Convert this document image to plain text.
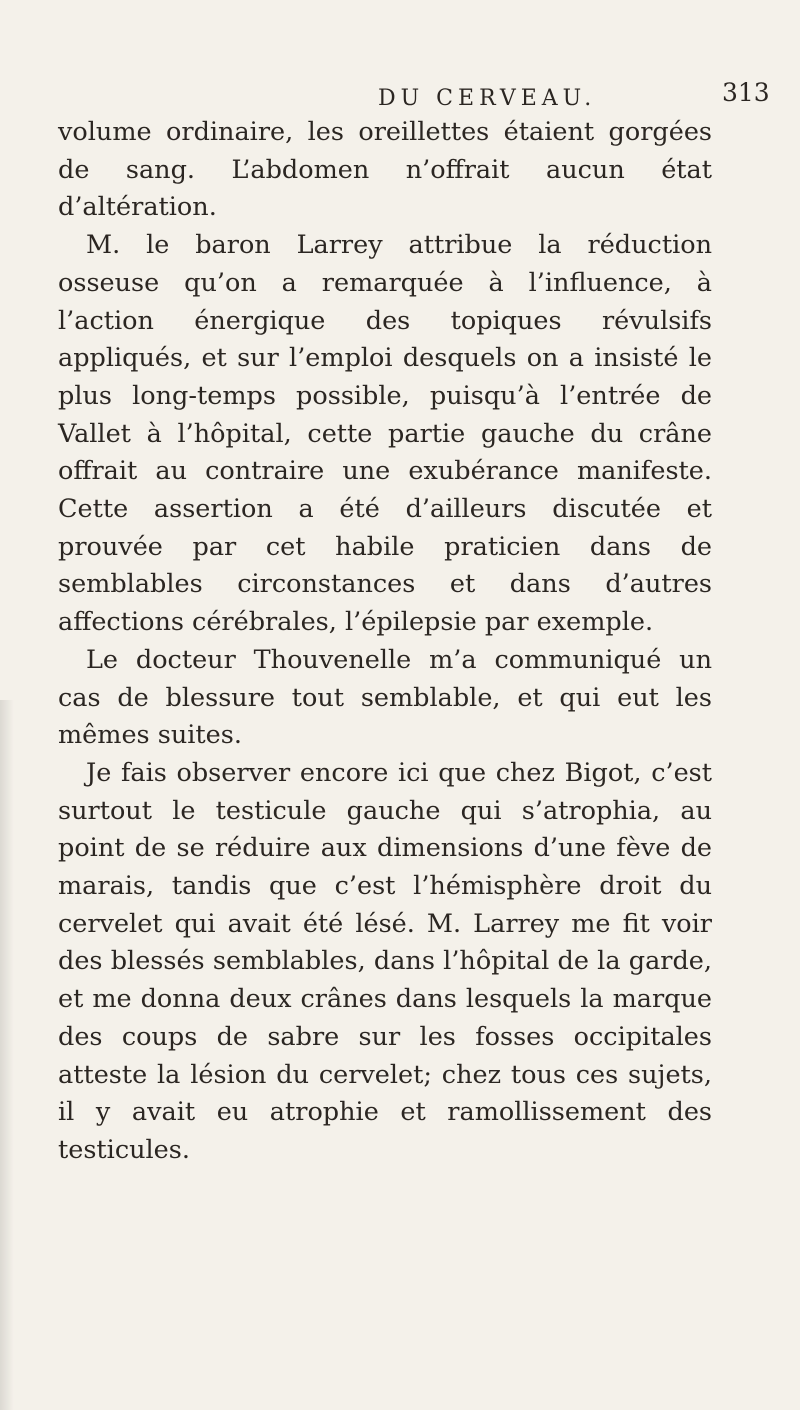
DU CERVEAU.	313

volume ordinaire, les oreillettes étaient gorgées de sang. L’abdomen n’offrait aucun état d’altération.

M. le baron Larrey attribue la réduction osseuse qu’on a remarquée à l’influence, à l’action énergique des topiques révulsifs appliqués, et sur l’emploi desquels on a insisté le plus long-temps possible, puisqu’à l’entrée de Vallet à l’hôpital, cette partie gauche du crâne offrait au contraire une exubérance manifeste. Cette assertion a été d’ailleurs discutée et prouvée par cet habile praticien dans de semblables circonstances et dans d’autres affections cérébrales, l’épilepsie par exemple.

Le docteur Thouvenelle m’a communiqué un cas de blessure tout semblable, et qui eut les mêmes suites.

Je fais observer encore ici que chez Bigot, c’est surtout le testicule gauche qui s’atrophia, au point de se réduire aux dimensions d’une fève de marais, tandis que c’est l’hémisphère droit du cervelet qui avait été lésé. M. Larrey me fit voir des blessés semblables, dans l’hôpital de la garde, et me donna deux crânes dans lesquels la marque des coups de sabre sur les fosses occipitales atteste la lésion du cervelet; chez tous ces sujets, il y avait eu atrophie et ramollissement des testicules.
